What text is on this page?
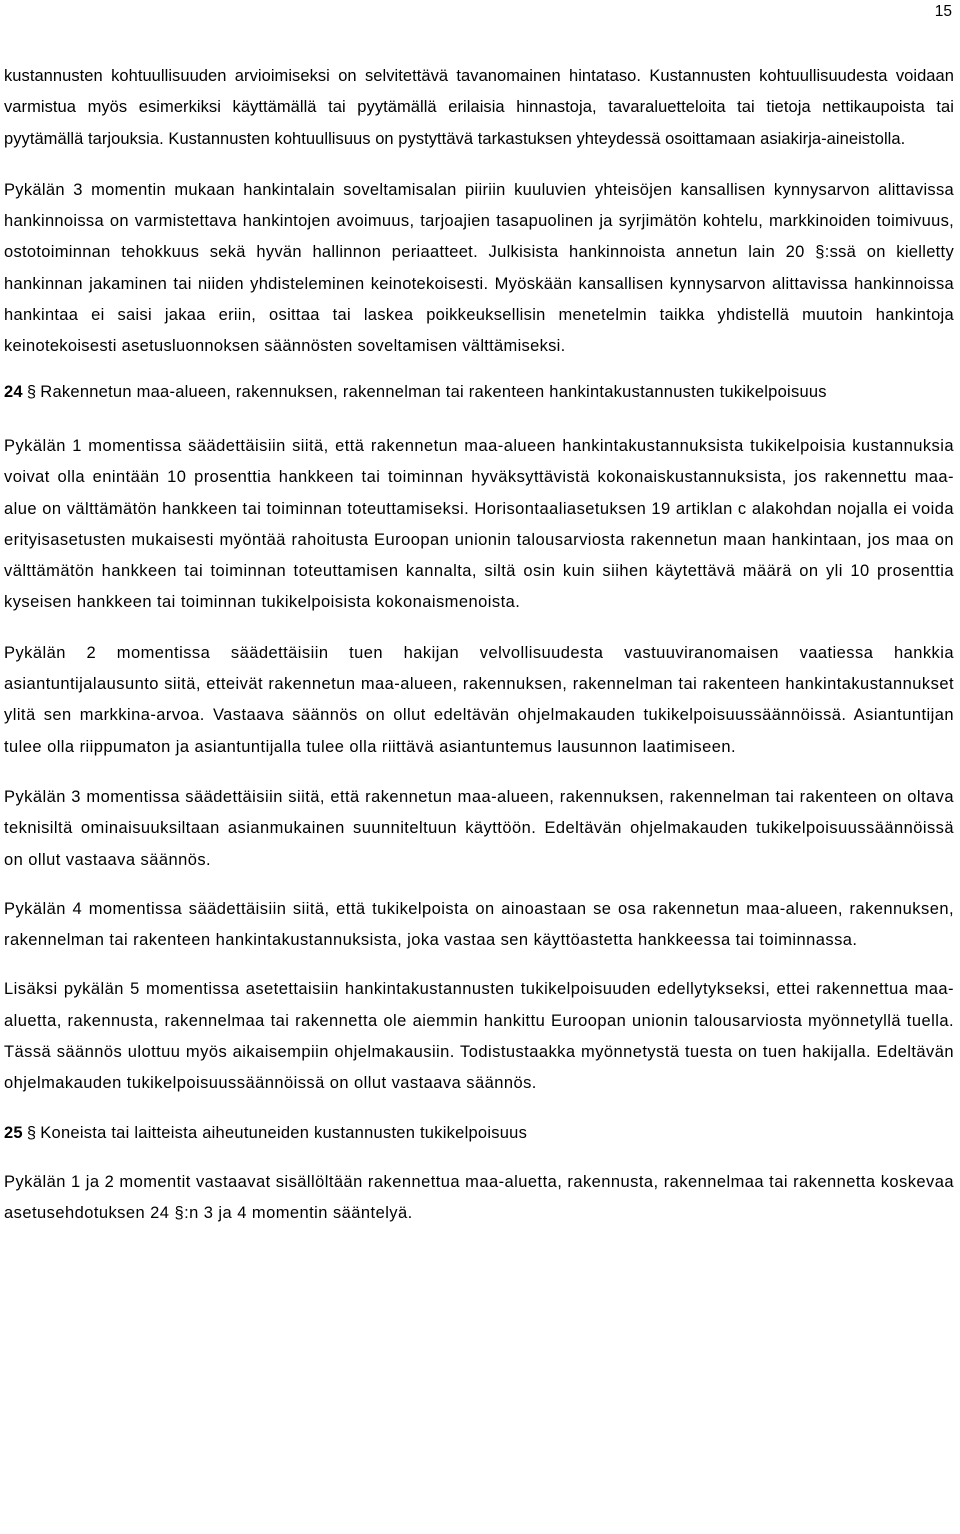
15

kustannusten kohtuullisuuden arvioimiseksi on selvitettävä tavanomainen hintataso. Kustannusten kohtuullisuudesta voidaan varmistua myös esimerkiksi käyttämällä tai pyytämällä erilaisia hinnastoja, tavaraluetteloita tai tietoja nettikaupoista tai pyytämällä tarjouksia. Kustannusten kohtuullisuus on pystyttävä tarkastuksen yhteydessä osoittamaan asiakirja-aineistolla.

Pykälän 3 momentin mukaan hankintalain soveltamisalan piiriin kuuluvien yhteisöjen kansallisen kynnysarvon alittavissa hankinnoissa on varmistettava hankintojen avoimuus, tarjoajien tasapuolinen ja syrjimätön kohtelu, markkinoiden toimivuus, ostotoiminnan tehokkuus sekä hyvän hallinnon periaatteet. Julkisista hankinnoista annetun lain 20 §:ssä on kielletty hankinnan jakaminen tai niiden yhdisteleminen keinotekoisesti. Myöskään kansallisen kynnysarvon alittavissa hankinnoissa hankintaa ei saisi jakaa eriin, osittaa tai laskea poikkeuksellisin menetelmin taikka yhdistellä muutoin hankintoja keinotekoisesti asetusluonnoksen säännösten soveltamisen välttämiseksi.

24 § Rakennetun maa-alueen, rakennuksen, rakennelman tai rakenteen hankintakustannusten tukikelpoisuus

Pykälän 1 momentissa säädettäisiin siitä, että rakennetun maa-alueen hankintakustannuksista tukikelpoisia kustannuksia voivat olla enintään 10 prosenttia hankkeen tai toiminnan hyväksyttävistä kokonaiskustannuksista, jos rakennettu maa-alue on välttämätön hankkeen tai toiminnan toteuttamiseksi. Horisontaaliasetuksen 19 artiklan c alakohdan nojalla ei voida erityisasetusten mukaisesti myöntää rahoitusta Euroopan unionin talousarviosta rakennetun maan hankintaan, jos maa on välttämätön hankkeen tai toiminnan toteuttamisen kannalta, siltä osin kuin siihen käytettävä määrä on yli 10 prosenttia kyseisen hankkeen tai toiminnan tukikelpoisista kokonaismenoista.

Pykälän 2 momentissa säädettäisiin tuen hakijan velvollisuudesta vastuuviranomaisen vaatiessa hankkia asiantuntijalausunto siitä, etteivät rakennetun maa-alueen, rakennuksen, rakennelman tai rakenteen hankintakustannukset ylitä sen markkina-arvoa. Vastaava säännös on ollut edeltävän ohjelmakauden tukikelpoisuussäännöissä. Asiantuntijan tulee olla riippumaton ja asiantuntijalla tulee olla riittävä asiantuntemus lausunnon laatimiseen.

Pykälän 3 momentissa säädettäisiin siitä, että rakennetun maa-alueen, rakennuksen, rakennelman tai rakenteen on oltava teknisiltä ominaisuuksiltaan asianmukainen suunniteltuun käyttöön. Edeltävän ohjelmakauden tukikelpoisuussäännöissä on ollut vastaava säännös.

Pykälän 4 momentissa säädettäisiin siitä, että tukikelpoista on ainoastaan se osa rakennetun maa-alueen, rakennuksen, rakennelman tai rakenteen hankintakustannuksista, joka vastaa sen käyttöastetta hankkeessa tai toiminnassa.

Lisäksi pykälän 5 momentissa asetettaisiin hankintakustannusten tukikelpoisuuden edellytykseksi, ettei rakennettua maa-aluetta, rakennusta, rakennelmaa tai rakennetta ole aiemmin hankittu Euroopan unionin talousarviosta myönnetyllä tuella. Tässä säännös ulottuu myös aikaisempiin ohjelmakausiin. Todistustaakka myönnetystä tuesta on tuen hakijalla. Edeltävän ohjelmakauden tukikelpoisuussäännöissä on ollut vastaava säännös.

25 § Koneista tai laitteista aiheutuneiden kustannusten tukikelpoisuus

Pykälän 1 ja 2 momentit vastaavat sisällöltään rakennettua maa-aluetta, rakennusta, rakennelmaa tai rakennetta koskevaa asetusehdotuksen 24 §:n 3 ja 4 momentin sääntelyä.
